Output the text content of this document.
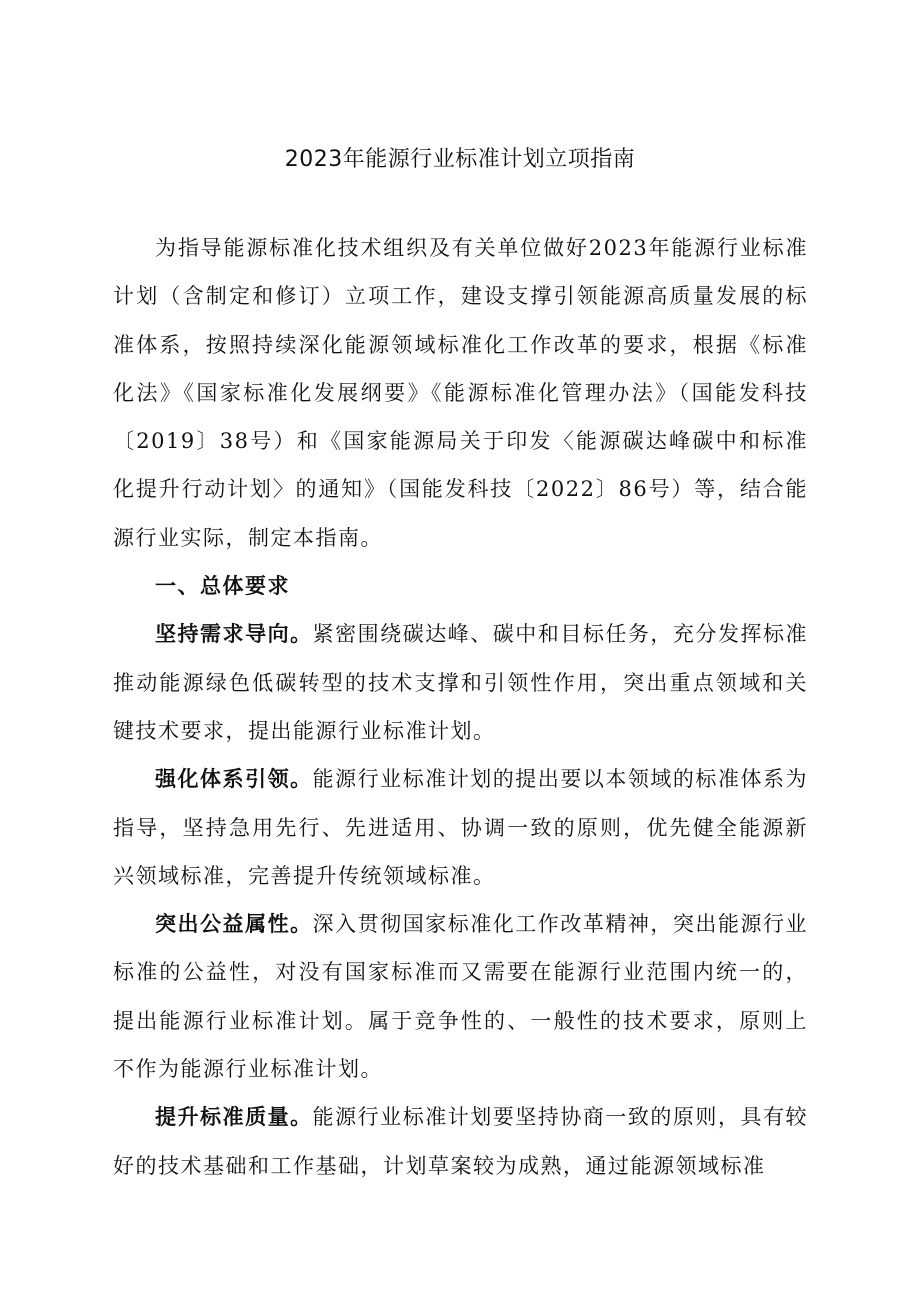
2023年能源行业标准计划立项指南

为指导能源标准化技术组织及有关单位做好2023年能源行业标准计划（含制定和修订）立项工作，建设支撑引领能源高质量发展的标准体系，按照持续深化能源领域标准化工作改革的要求，根据《标准化法》《国家标准化发展纲要》《能源标准化管理办法》（国能发科技〔2019〕38号）和《国家能源局关于印发〈能源碳达峰碳中和标准化提升行动计划〉的通知》（国能发科技〔2022〕86号）等，结合能源行业实际，制定本指南。

一、总体要求

坚持需求导向。紧密围绕碳达峰、碳中和目标任务，充分发挥标准推动能源绿色低碳转型的技术支撑和引领性作用，突出重点领域和关键技术要求，提出能源行业标准计划。

强化体系引领。能源行业标准计划的提出要以本领域的标准体系为指导，坚持急用先行、先进适用、协调一致的原则，优先健全能源新兴领域标准，完善提升传统领域标准。

突出公益属性。深入贯彻国家标准化工作改革精神，突出能源行业标准的公益性，对没有国家标准而又需要在能源行业范围内统一的，提出能源行业标准计划。属于竞争性的、一般性的技术要求，原则上不作为能源行业标准计划。

提升标准质量。能源行业标准计划要坚持协商一致的原则，具有较好的技术基础和工作基础，计划草案较为成熟，通过能源领域标准
